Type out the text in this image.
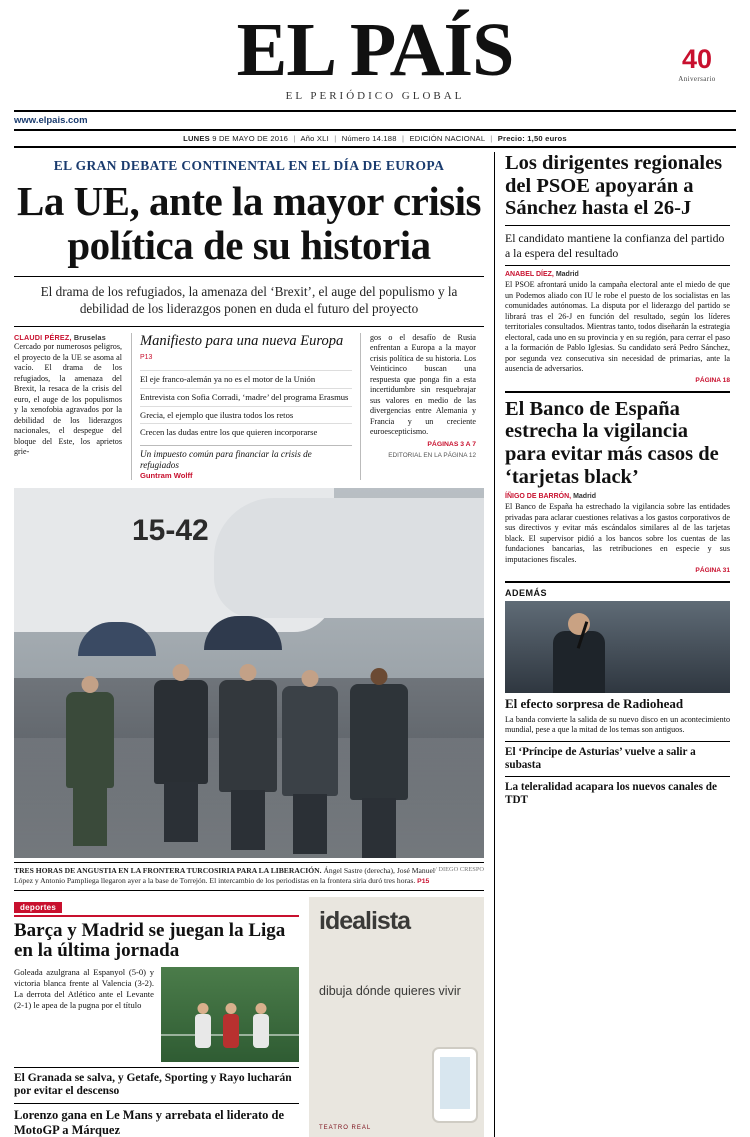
EL PAÍS
EL PERIÓDICO GLOBAL
40
Aniversario
www.elpais.com
LUNES 9 DE MAYO DE 2016 | Año XLI | Número 14.188 | EDICIÓN NACIONAL | Precio: 1,50 euros
EL GRAN DEBATE CONTINENTAL EN EL DÍA DE EUROPA
La UE, ante la mayor crisis política de su historia
El drama de los refugiados, la amenaza del ‘Brexit’, el auge del populismo y la debilidad de los liderazgos ponen en duda el futuro del proyecto
CLAUDI PÉREZ, Bruselas
Cercado por numerosos peligros, el proyecto de la UE se asoma al vacío. El drama de los refugiados, la amenaza del Brexit, la resaca de la crisis del euro, el auge de los populismos y la xenofobia agravados por la debilidad de los liderazgos nacionales, el despegue del bloque del Este, los aprietos grie-
Manifiesto para una nueva Europa P13
El eje franco-alemán ya no es el motor de la Unión
Entrevista con Sofia Corradi, ‘madre’ del programa Erasmus
Grecia, el ejemplo que ilustra todos los retos
Crecen las dudas entre los que quieren incorporarse
Un impuesto común para financiar la crisis de refugiados
Guntram Wolff
gos o el desafío de Rusia enfrentan a Europa a la mayor crisis política de su historia. Los Veinticinco buscan una respuesta que ponga fin a esta incertidumbre sin resquebrajar sus valores en medio de las divergencias entre Alemania y Francia y un creciente euroescepticismo.
PÁGINAS 3 A 7
EDITORIAL EN LA PÁGINA 12
15-42
/ DIEGO CRESPO
TRES HORAS DE ANGUSTIA EN LA FRONTERA TURCOSIRIA PARA LA LIBERACIÓN. Ángel Sastre (derecha), José Manuel López y Antonio Pampliega llegaron ayer a la base de Torrejón. El intercambio de los periodistas en la frontera siria duró tres horas. P15
deportes
Barça y Madrid se juegan la Liga en la última jornada
Goleada azulgrana al Espanyol (5-0) y victoria blanca frente al Valencia (3-2). La derrota del Atlético ante el Levante (2-1) le apea de la pugna por el título
El Granada se salva, y Getafe, Sporting y Rayo lucharán por evitar el descenso
Lorenzo gana en Le Mans y arrebata el liderato de MotoGP a Márquez
idealista
dibuja dónde quieres vivir
TEATRO REAL
Los dirigentes regionales del PSOE apoyarán a Sánchez hasta el 26-J
El candidato mantiene la confianza del partido a la espera del resultado
ANABEL DÍEZ, Madrid
El PSOE afrontará unido la campaña electoral ante el miedo de que un Podemos aliado con IU le robe el puesto de los socialistas en las comunidades autónomas. La disputa por el liderazgo del partido se librará tras el 26-J en función del resultado, según los líderes territoriales consultados. Mientras tanto, todos diseñarán la estrategia electoral, cada uno en su provincia y en su región, para cerrar el paso a la formación de Pablo Iglesias. Su candidato será Pedro Sánchez, por segunda vez consecutiva sin necesidad de primarias, ante la ausencia de adversarios.
PÁGINA 18
El Banco de España estrecha la vigilancia para evitar más casos de ‘tarjetas black’
ÍÑIGO DE BARRÓN, Madrid
El Banco de España ha estrechado la vigilancia sobre las entidades privadas para aclarar cuestiones relativas a los gastos corporativos de sus directivos y evitar más escándalos similares al de las tarjetas black. El supervisor pidió a los bancos sobre los cuentas de las fundaciones bancarias, las retribuciones en especie y sus imputaciones fiscales.
PÁGINA 31
ADEMÁS
El efecto sorpresa de Radiohead
La banda convierte la salida de su nuevo disco en un acontecimiento mundial, pese a que la mitad de los temas son antiguos.
El ‘Príncipe de Asturias’ vuelve a salir a subasta
La teleralidad acapara los nuevos canales de TDT
